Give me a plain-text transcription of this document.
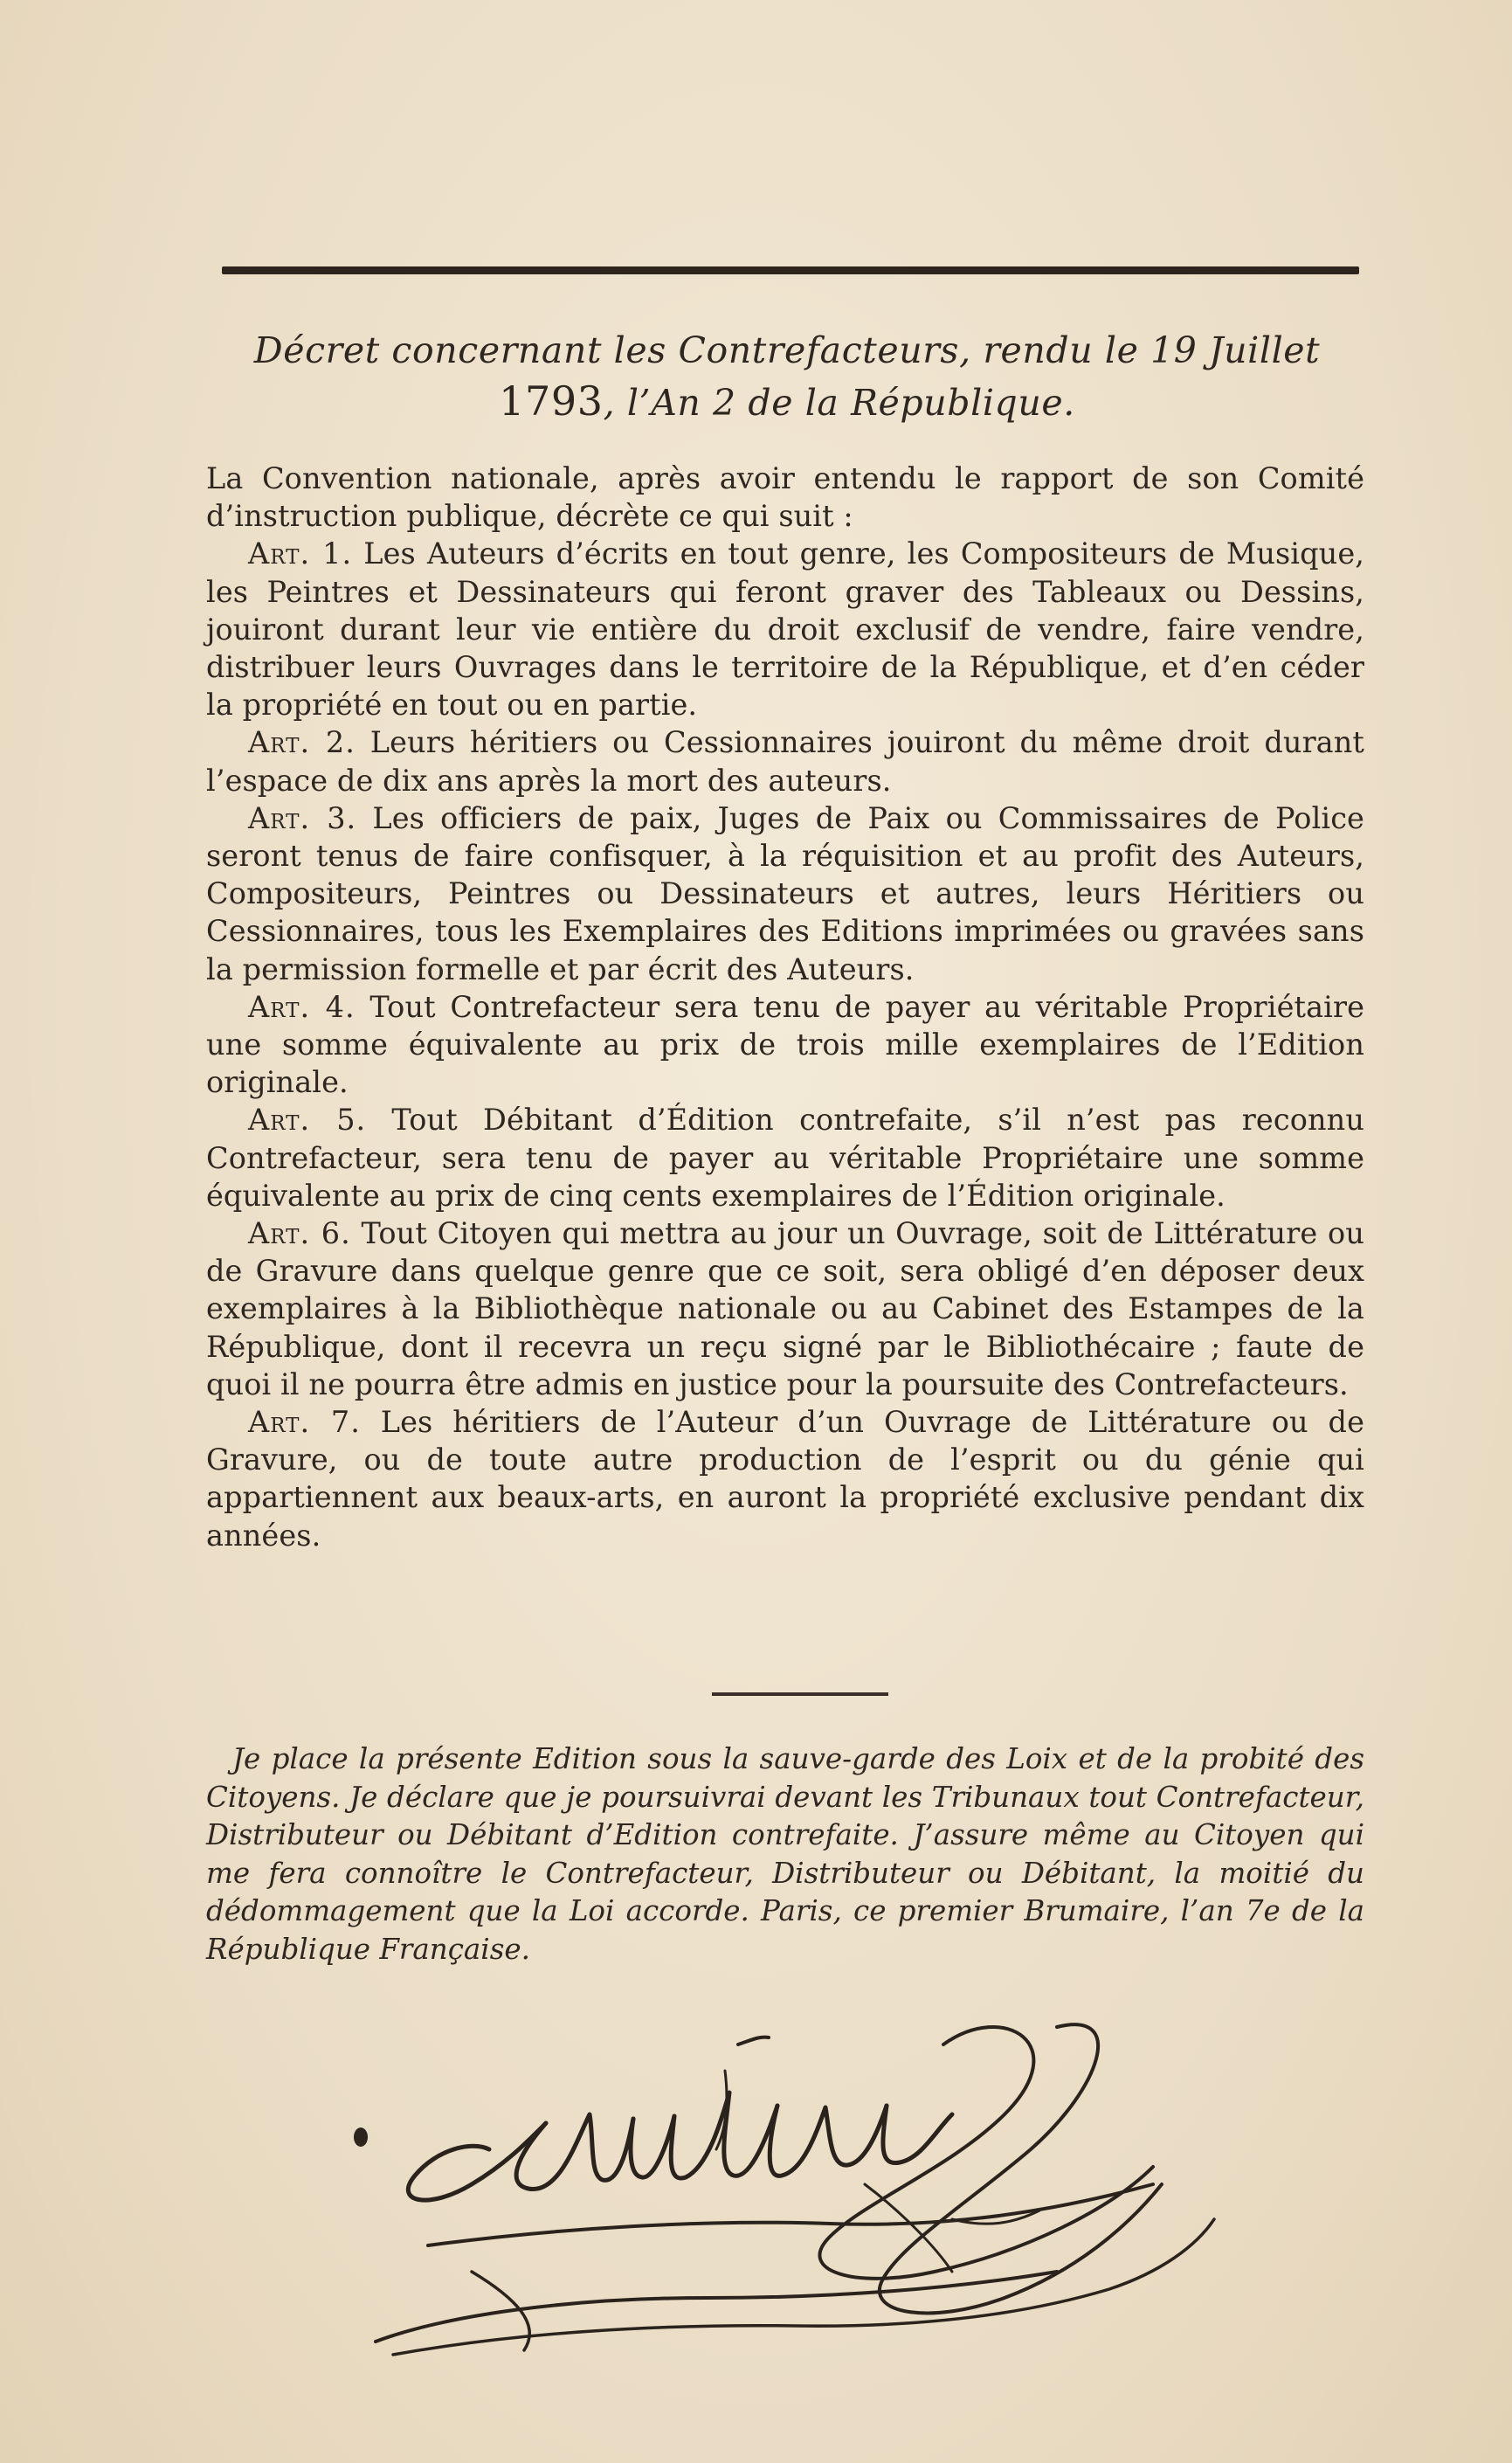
Décret concernant les Contrefacteurs, rendu le 19 Juillet
1793, l’An 2 de la République.

La Convention nationale, après avoir entendu le rapport de son Comité d’instruction publique, décrète ce qui suit :

Art. 1. Les Auteurs d’écrits en tout genre, les Compositeurs de Musique, les Peintres et Dessinateurs qui feront graver des Tableaux ou Dessins, jouiront durant leur vie entière du droit exclusif de vendre, faire vendre, distribuer leurs Ouvrages dans le territoire de la République, et d’en céder la propriété en tout ou en partie.

Art. 2. Leurs héritiers ou Cessionnaires jouiront du même droit durant l’espace de dix ans après la mort des auteurs.

Art. 3. Les officiers de paix, Juges de Paix ou Commissaires de Police seront tenus de faire confisquer, à la réquisition et au profit des Auteurs, Compositeurs, Peintres ou Dessinateurs et autres, leurs Héritiers ou Cessionnaires, tous les Exemplaires des Editions imprimées ou gravées sans la permission formelle et par écrit des Auteurs.

Art. 4. Tout Contrefacteur sera tenu de payer au véritable Propriétaire une somme équivalente au prix de trois mille exemplaires de l’Edition originale.

Art. 5. Tout Débitant d’Édition contrefaite, s’il n’est pas reconnu Contrefacteur, sera tenu de payer au véritable Propriétaire une somme équivalente au prix de cinq cents exemplaires de l’Édition originale.

Art. 6. Tout Citoyen qui mettra au jour un Ouvrage, soit de Littérature ou de Gravure dans quelque genre que ce soit, sera obligé d’en déposer deux exemplaires à la Bibliothèque nationale ou au Cabinet des Estampes de la République, dont il recevra un reçu signé par le Bibliothécaire ; faute de quoi il ne pourra être admis en justice pour la poursuite des Contrefacteurs.

Art. 7. Les héritiers de l’Auteur d’un Ouvrage de Littérature ou de Gravure, ou de toute autre production de l’esprit ou du génie qui appartiennent aux beaux-arts, en auront la propriété exclusive pendant dix années.

Je place la présente Edition sous la sauve-garde des Loix et de la probité des Citoyens. Je déclare que je poursuivrai devant les Tribunaux tout Contrefacteur, Distributeur ou Débitant d’Edition contrefaite. J’assure même au Citoyen qui me fera connoître le Contrefacteur, Distributeur ou Débitant, la moitié du dédommagement que la Loi accorde. Paris, ce premier Brumaire, l’an 7e de la République Française.
